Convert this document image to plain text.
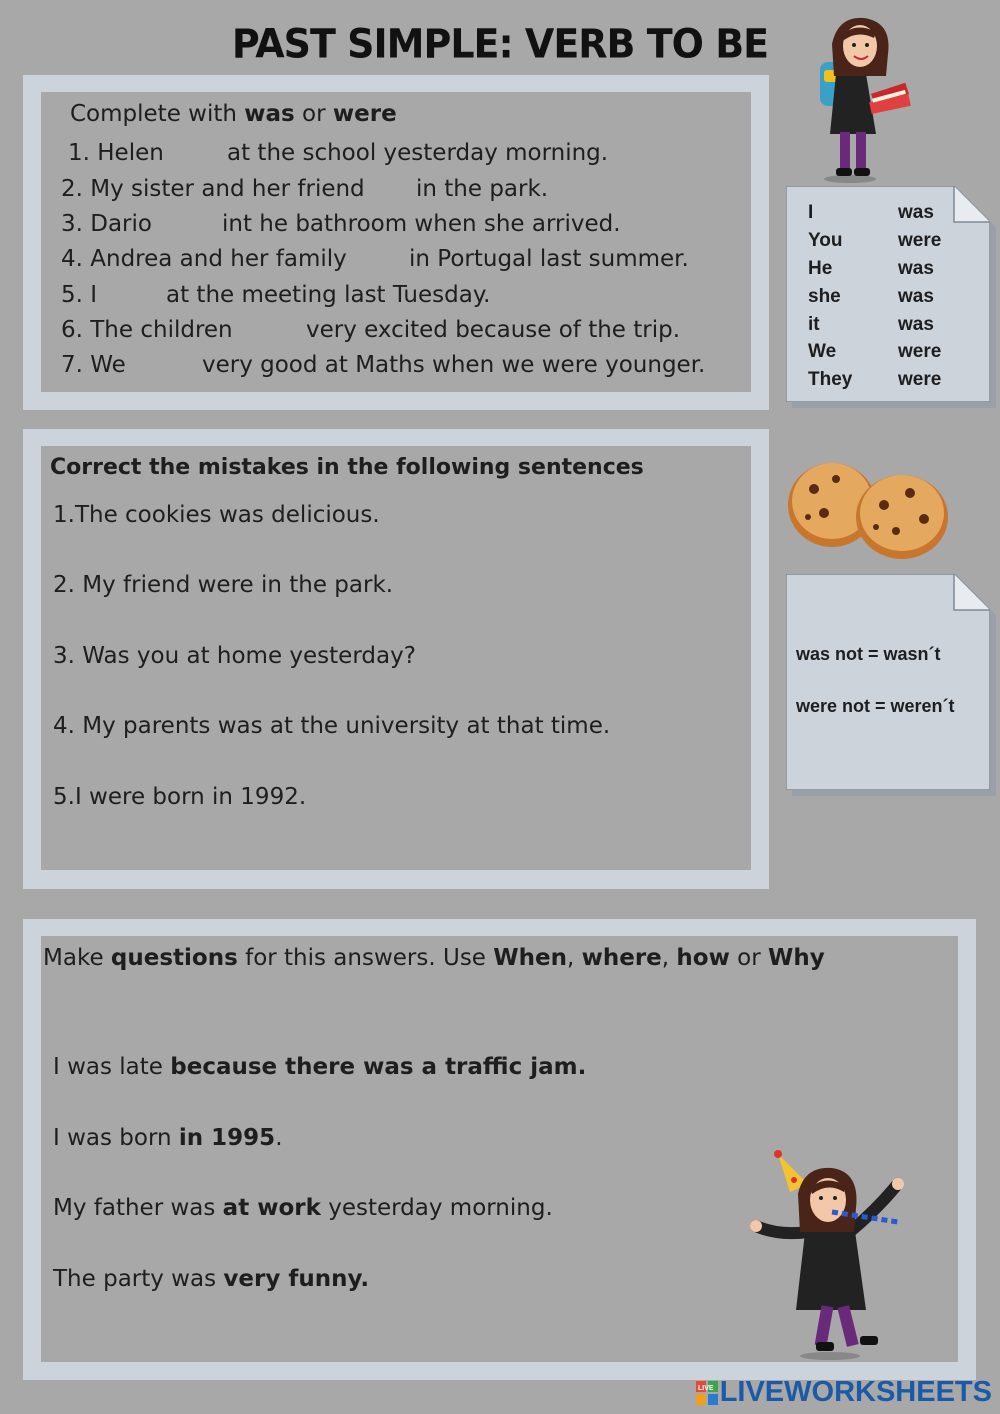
PAST SIMPLE: VERB TO BE
Complete with was or were
1. Helen	at the school yesterday morning.
2. My sister and her friend in the park.
3. Dario	int he bathroom when she arrived.
4. Andrea and her family	in Portugal last summer.
5. I	at the meeting last Tuesday.
6. The children	very excited because of the trip.
7. We	very good at Maths when we were younger.
I	was
You	were
He	was
she	was
it	was
We	were
They were
Correct the mistakes in the following sentences
1.The cookies was delicious.
2. My friend were in the park.
3. Was you at home yesterday?
4. My parents was at the university at that time.
5.I were born in 1992.
was not = wasn´t
were not = weren´t
Make questions for this answers. Use When, where, how or Why
I was late because there was a traffic jam.
I was born in 1995.
My father was at work yesterday morning.
The party was very funny.
LIVE LIVEWORKSHEETS
